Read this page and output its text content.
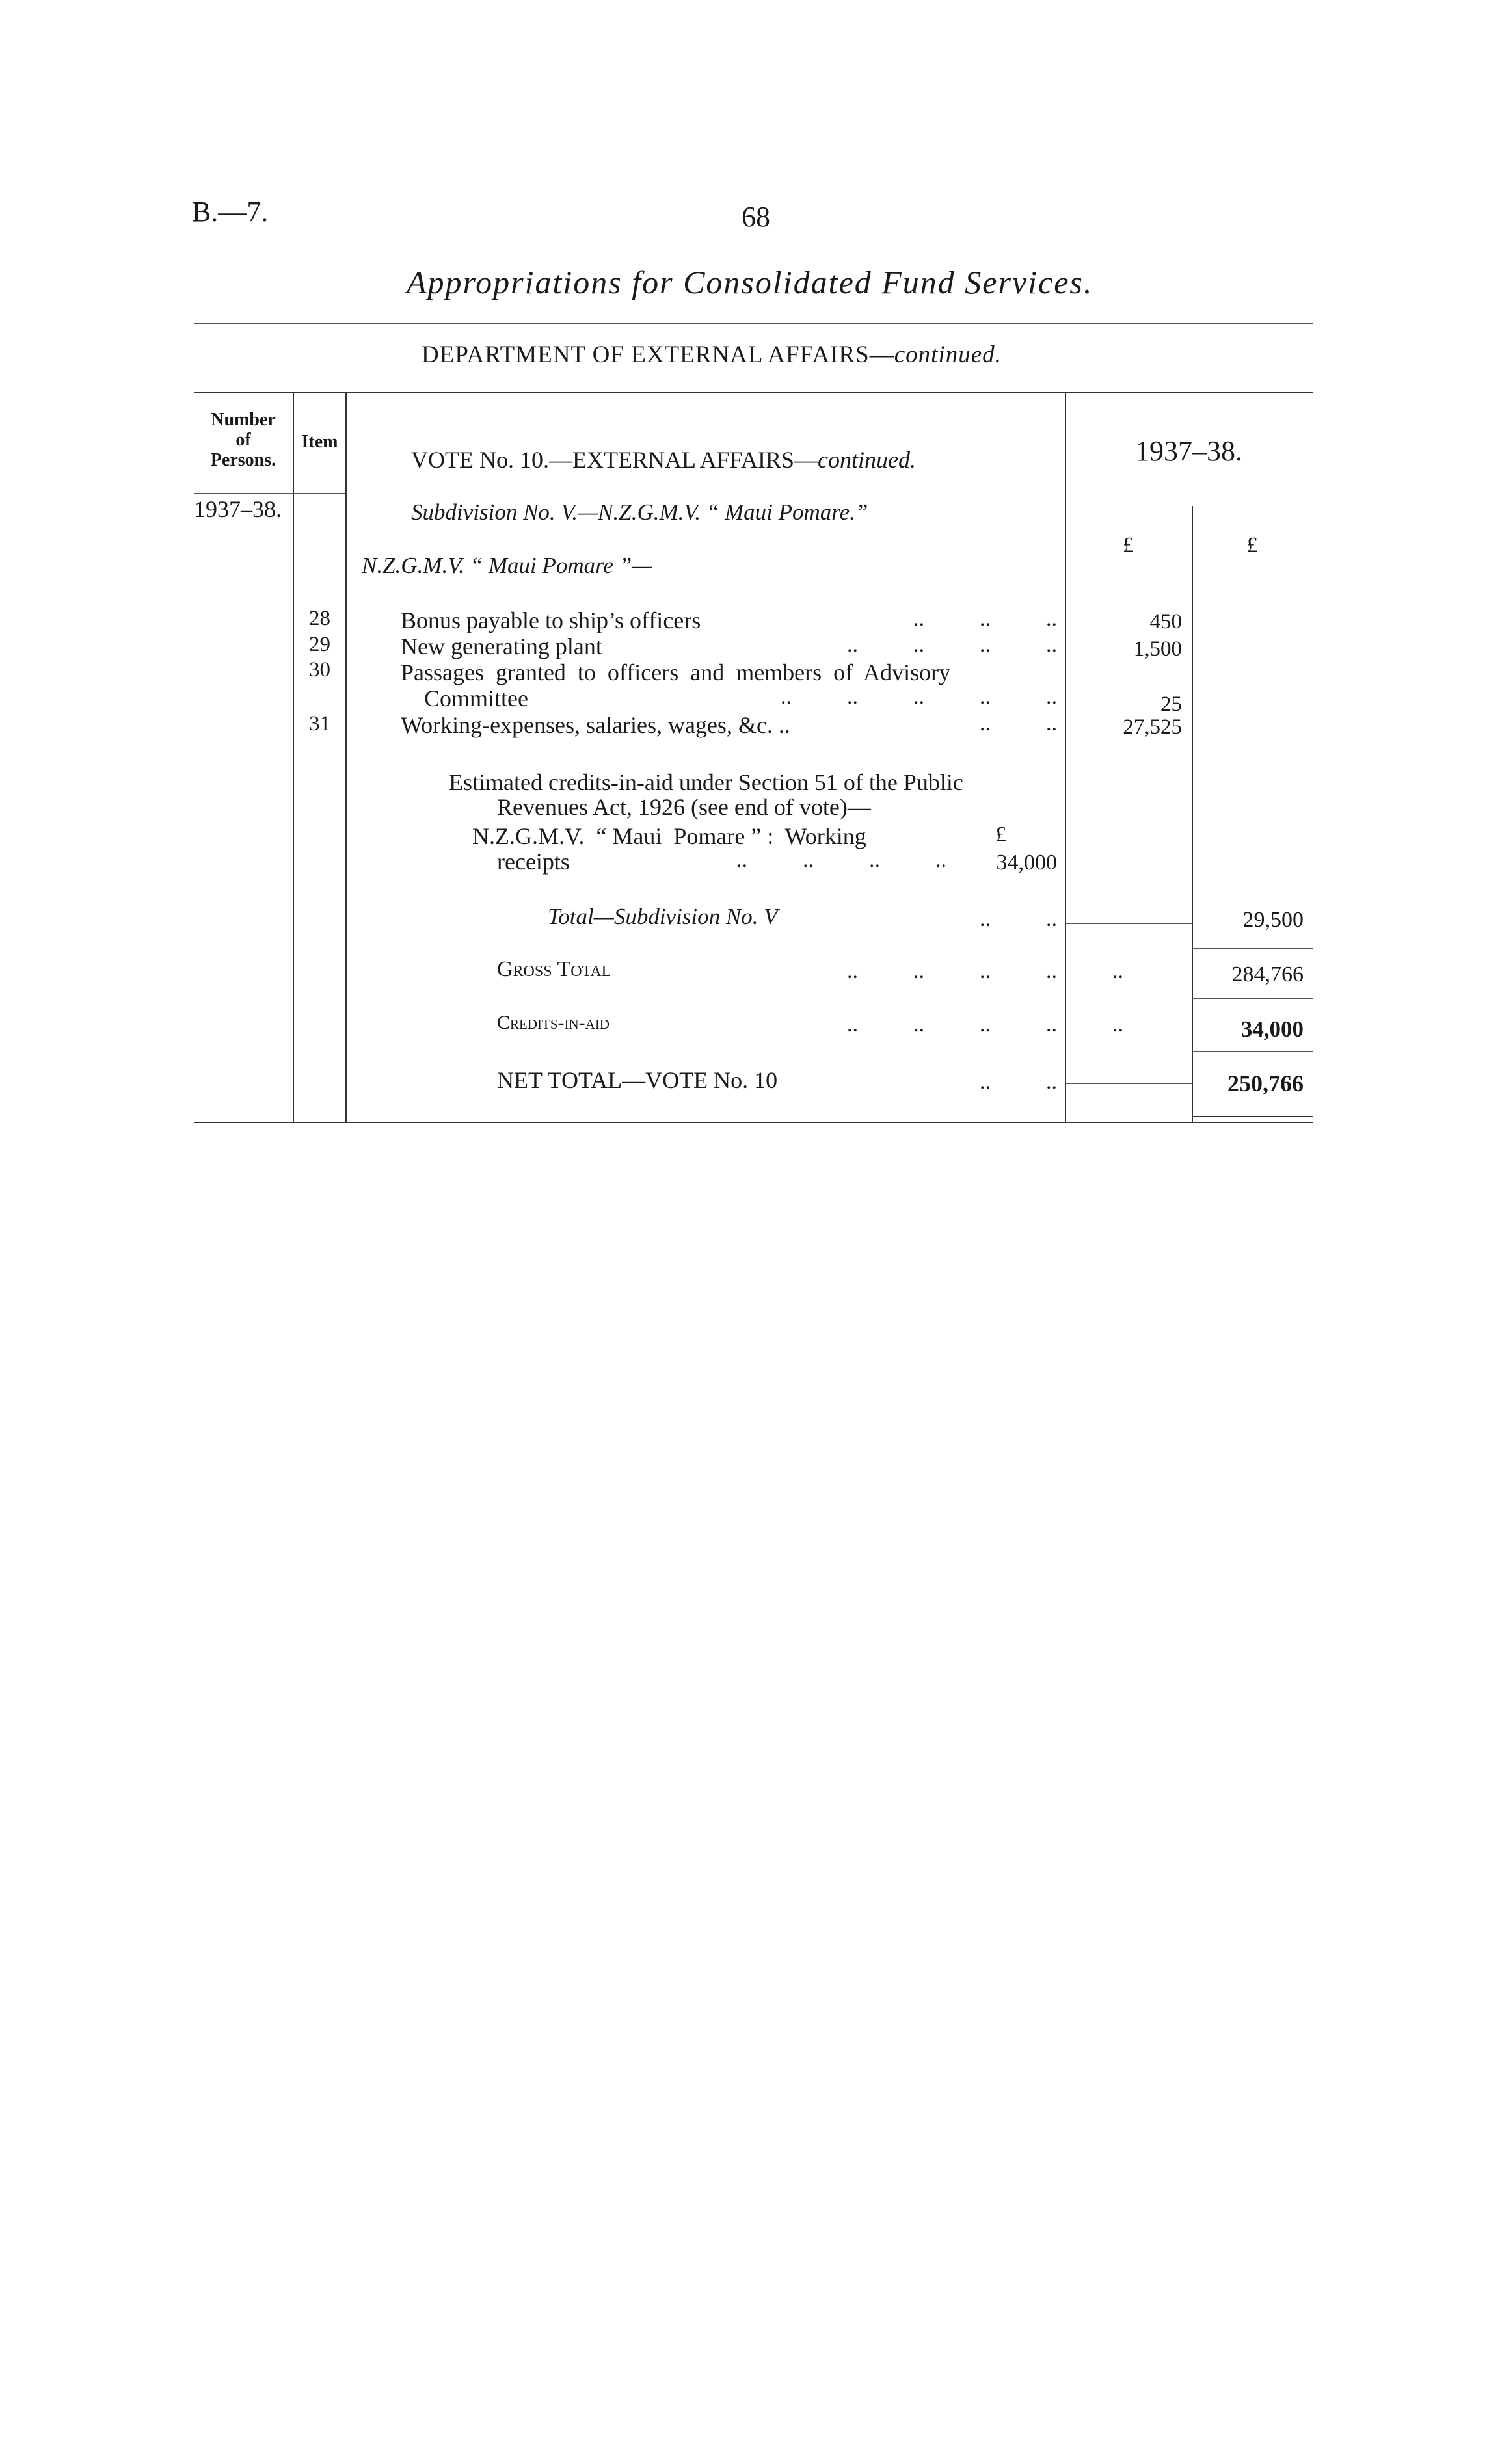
B.—7.	68
Appropriations for Consolidated Fund Services.
DEPARTMENT OF EXTERNAL AFFAIRS—continued.
Number
of
Persons.
Item	1937–38.
1937–38.
£	£
VOTE No. 10.—EXTERNAL AFFAIRS—continued.
Subdivision No. V.—N.Z.G.M.V. “ Maui Pomare.”
N.Z.G.M.V. “ Maui Pomare ”—
28	Bonus payable to ship’s officers	..          ..          ..	450
29	New generating plant	..          ..          ..          ..	1,500
30	Passages  granted  to  officers  and  members  of  Advisory
Committee	..          ..          ..          ..          ..	25
31	Working-expenses, salaries, wages, &c. ..	..          ..	27,525
Estimated credits-in-aid under Section 51 of the Public
Revenues Act, 1926 (see end of vote)—
N.Z.G.M.V.  “ Maui  Pomare ” :  Working	£
receipts	..          ..          ..          ..	34,000
Total—Subdivision No. V	..          ..	29,500
Gross Total	..          ..          ..          ..	..	284,766
Credits-in-aid	..          ..          ..          ..	..	34,000
NET TOTAL—VOTE No. 10	..          ..	250,766
